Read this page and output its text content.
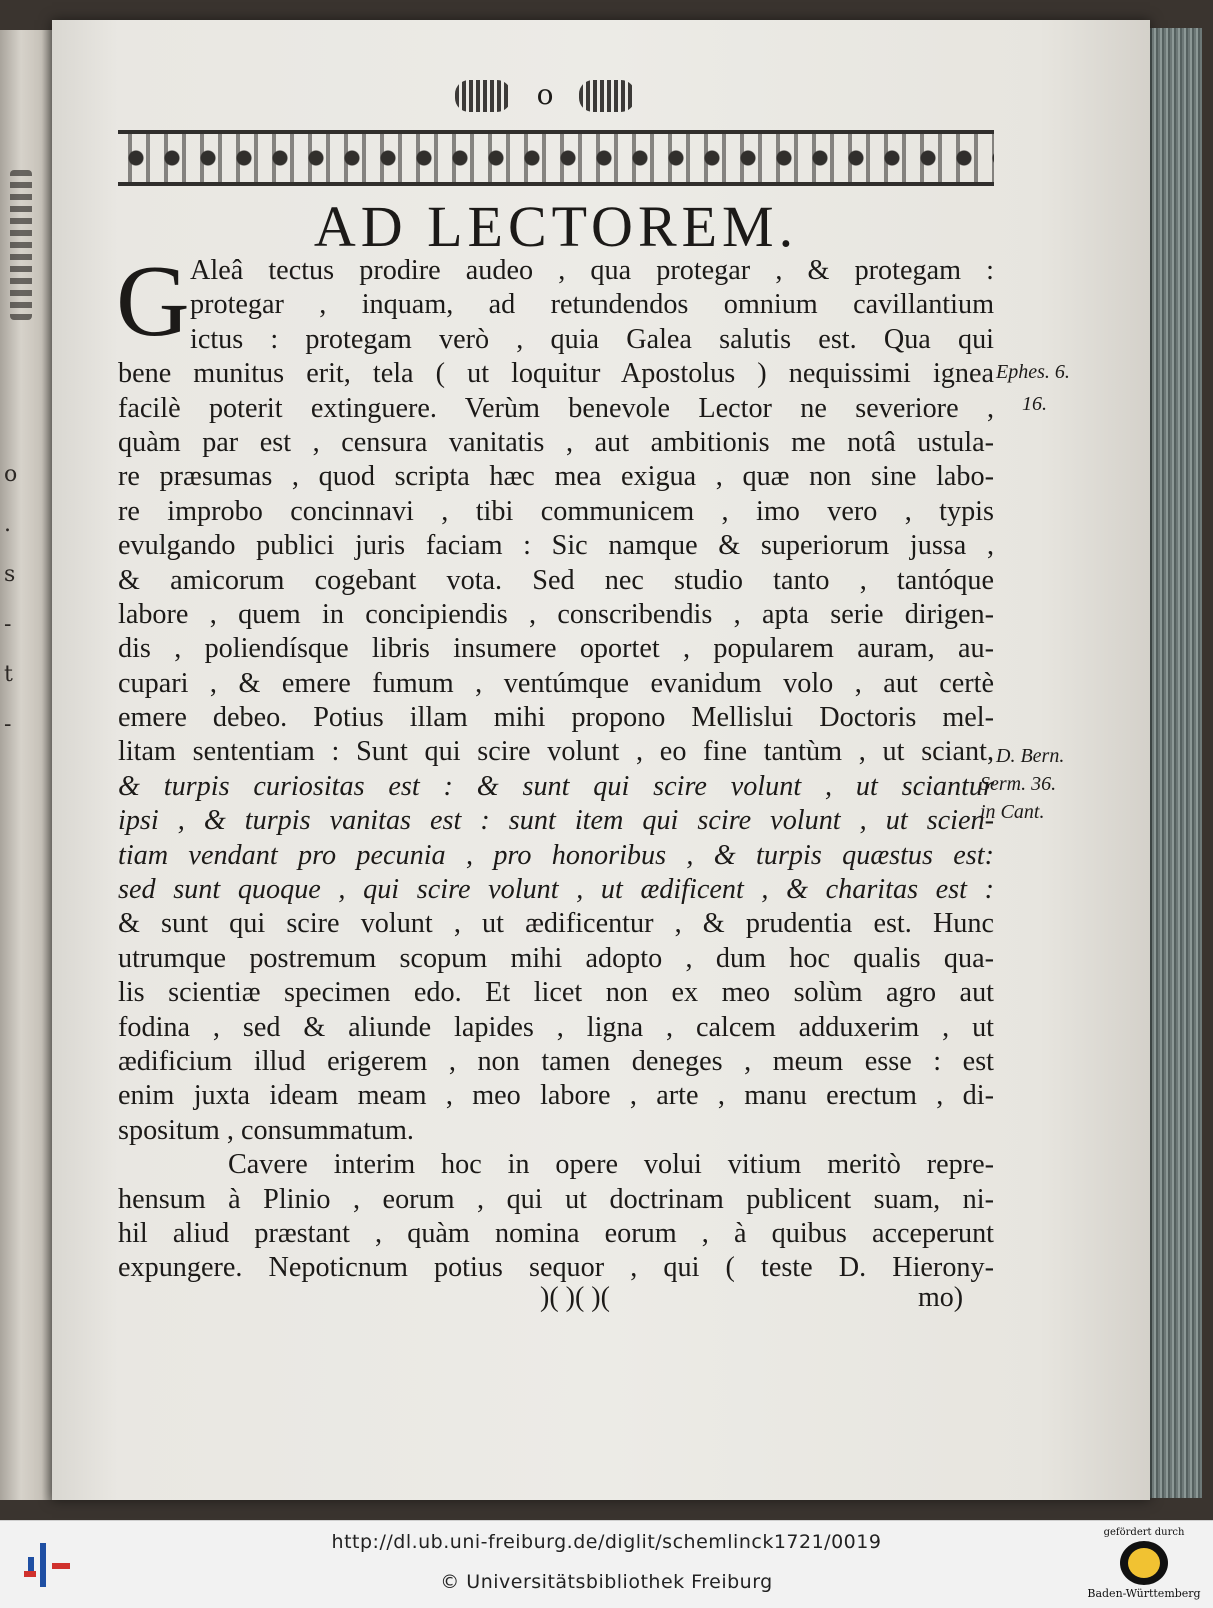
o
.
s
-
t
-
o
AD LECTOREM.
G Aleâ tectus prodire audeo , qua protegar , & protegam :
protegar , inquam, ad retundendos omnium cavillantium
ictus : protegam verò , quia Galea salutis est. Qua qui
bene munitus erit, tela ( ut loquitur Apostolus ) nequissimi ignea
facilè poterit extinguere. Verùm benevole Lector ne severiore ,
quàm par est , censura vanitatis , aut ambitionis me notâ ustula-
re præsumas , quod scripta hæc mea exigua , quæ non sine labo-
re improbo concinnavi , tibi communicem , imo vero , typis
evulgando publici juris faciam : Sic namque & superiorum jussa ,
& amicorum cogebant vota. Sed nec studio tanto , tantóque
labore , quem in concipiendis , conscribendis , apta serie dirigen-
dis , poliendísque libris insumere oportet , popularem auram, au-
cupari , & emere fumum , ventúmque evanidum volo , aut certè
emere debeo. Potius illam mihi propono Mellislui Doctoris mel-
litam sententiam : Sunt qui scire volunt , eo fine tantùm , ut sciant,
& turpis curiositas est : & sunt qui scire volunt , ut sciantur
ipsi , & turpis vanitas est : sunt item qui scire volunt , ut scien-
tiam vendant pro pecunia , pro honoribus , & turpis quæstus est:
sed sunt quoque , qui scire volunt , ut ædificent , & charitas est :
& sunt qui scire volunt , ut ædificentur , & prudentia est. Hunc
utrumque postremum scopum mihi adopto , dum hoc qualis qua-
lis scientiæ specimen edo. Et licet non ex meo solùm agro aut
fodina , sed & aliunde lapides , ligna , calcem adduxerim , ut
ædificium illud erigerem , non tamen deneges , meum esse : est
enim juxta ideam meam , meo labore , arte , manu erectum , di-
spositum , consummatum.
Cavere interim hoc in opere volui vitium meritò repre-
hensum à Plinio , eorum , qui ut doctrinam publicent suam, ni-
hil aliud præstant , quàm nomina eorum , à quibus acceperunt
expungere. Nepoticnum potius sequor , qui ( teste D. Hierony-
Ephes. 6.
16.
D. Bern.
Serm. 36.
in Cant.
)( )( )(	mo)
http://dl.ub.uni-freiburg.de/diglit/schemlinck1721/0019
© Universitätsbibliothek Freiburg
gefördert durch
Baden-Württemberg
